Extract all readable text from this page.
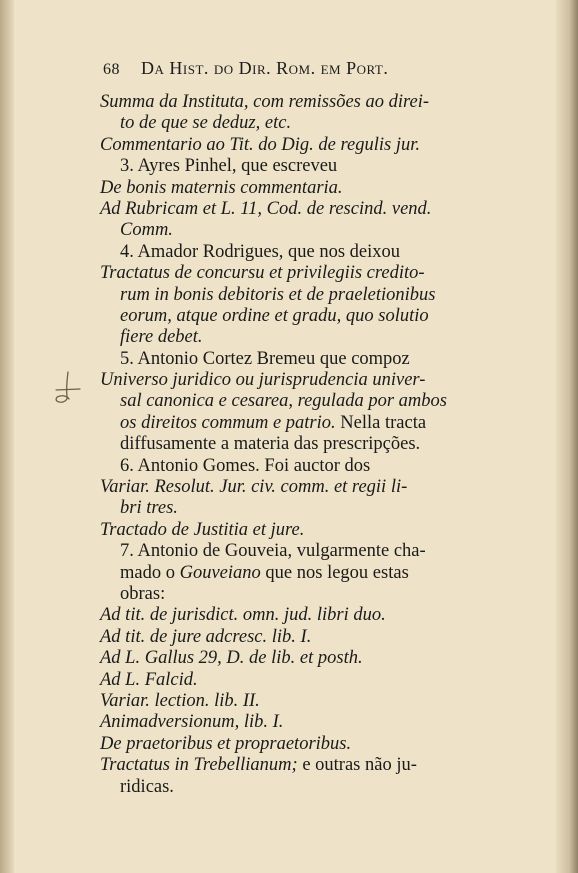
68 Da Hist. do Dir. Rom. em Port.
Summa da Instituta, com remissões ao direi-
to de que se deduz, etc.
Commentario ao Tit. do Dig. de regulis jur.
3. Ayres Pinhel, que escreveu
De bonis maternis commentaria.
Ad Rubricam et L. 11, Cod. de rescind. vend.
Comm.
4. Amador Rodrigues, que nos deixou
Tractatus de concursu et privilegiis credito-
rum in bonis debitoris et de praeletionibus
eorum, atque ordine et gradu, quo solutio
fiere debet.
5. Antonio Cortez Bremeu que compoz
Universo juridico ou jurisprudencia univer-
sal canonica e cesarea, regulada por ambos
os direitos commum e patrio. Nella tracta
diffusamente a materia das prescripções.
6. Antonio Gomes. Foi auctor dos
Variar. Resolut. Jur. civ. comm. et regii li-
bri tres.
Tractado de Justitia et jure.
7. Antonio de Gouveia, vulgarmente cha-
mado o Gouveiano que nos legou estas
obras:
Ad tit. de jurisdict. omn. jud. libri duo.
Ad tit. de jure adcresc. lib. I.
Ad L. Gallus 29, D. de lib. et posth.
Ad L. Falcid.
Variar. lection. lib. II.
Animadversionum, lib. I.
De praetoribus et propraetoribus.
Tractatus in Trebellianum; e outras não ju-
ridicas.
